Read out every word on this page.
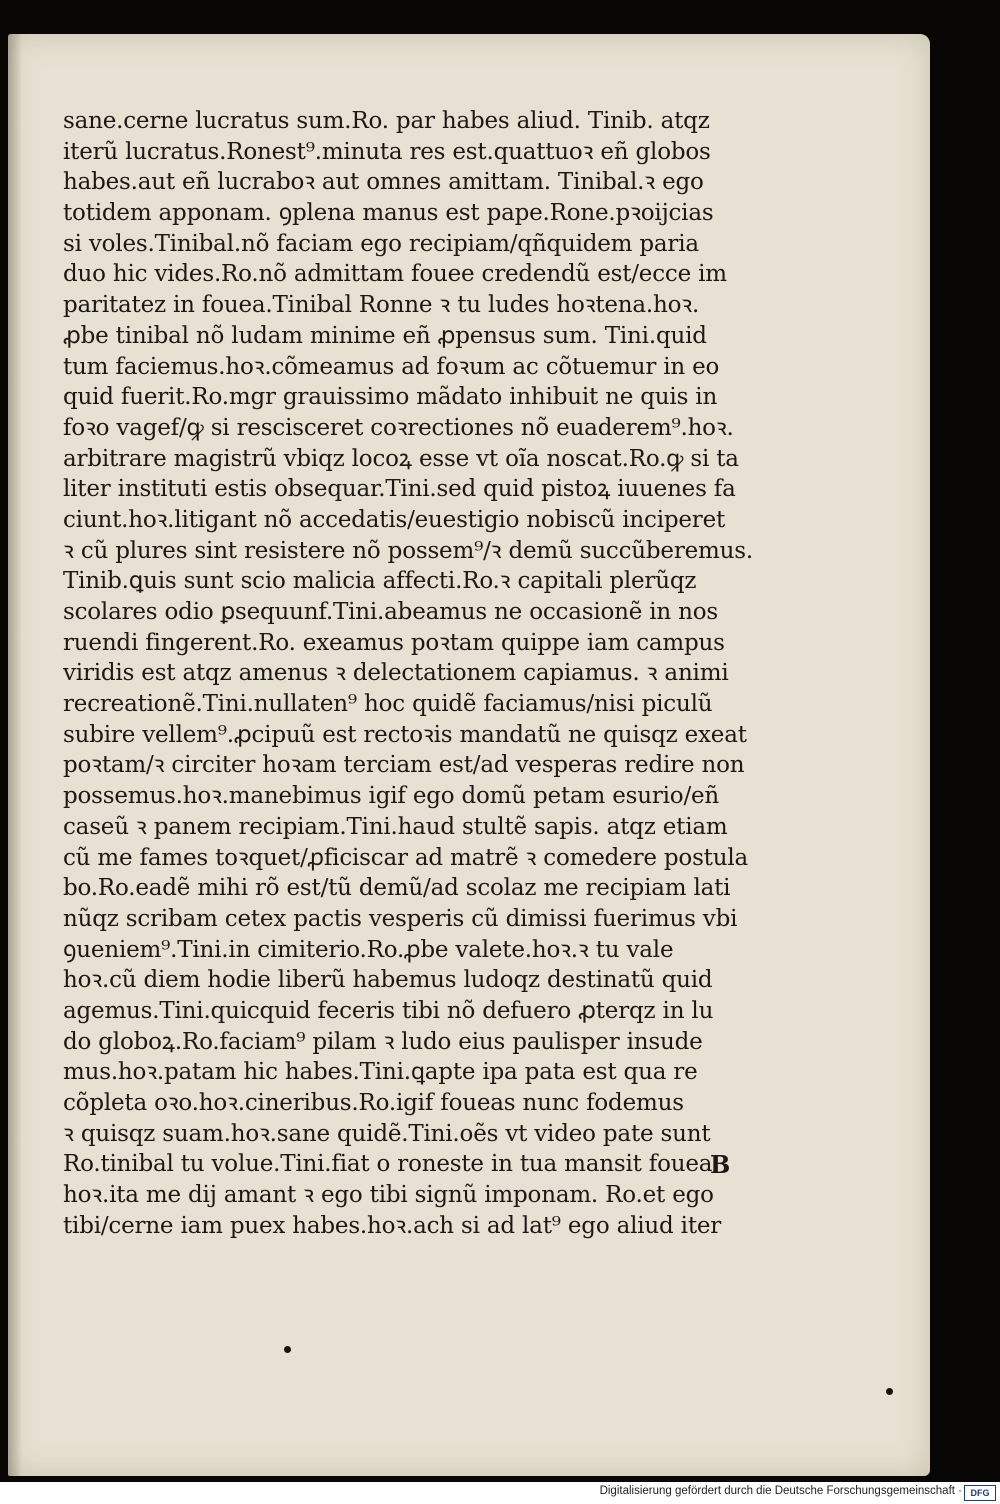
sane.cerne lucratus sum.Ro. par habes aliud. Tinib. atqz
iterũ lucratus.Ronest⁹.minuta res est.quattuoꝛ eñ globos
habes.aut eñ lucraboꝛ aut omnes amittam. Tinibal.ꝛ ego
totidem apponam. ꝯplena manus est pape.Rone.pꝛoijcias
si voles.Tinibal.nõ faciam ego recipiam/qñquidem paria
duo hic vides.Ro.nõ admittam fouee credendũ est/ecce im
paritatez in fouea.Tinibal Ronne ꝛ tu ludes hoꝛtena.hoꝛ.
ꝓbe tinibal nõ ludam minime eñ ꝓpensus sum. Tini.quid
tum faciemus.hoꝛ.cõmeamus ad foꝛum ac cõtuemur in eo
quid fuerit.Ro.mgr grauissimo mãdato inhibuit ne quis in
foꝛo vagef/ꝙ si rescisceret coꝛrectiones nõ euaderem⁹.hoꝛ.
arbitrare magistrũ vbiqz locoꝝ esse vt oĩa noscat.Ro.ꝙ si ta
liter instituti estis obsequar.Tini.sed quid pistoꝝ iuuenes fa
ciunt.hoꝛ.litigant nõ accedatis/euestigio nobiscũ inciperet
ꝛ cũ plures sint resistere nõ possem⁹/ꝛ demũ succũberemus.
Tinib.ꝗuis sunt scio malicia affecti.Ro.ꝛ capitali plerũqz
scolares odio ꝑsequunf.Tini.abeamus ne occasionẽ in nos
ruendi fingerent.Ro. exeamus poꝛtam quippe iam campus
viridis est atqz amenus ꝛ delectationem capiamus. ꝛ animi
recreationẽ.Tini.nullaten⁹ hoc quidẽ faciamus/nisi piculũ
subire vellem⁹.ꝓcipuũ est rectoꝛis mandatũ ne quisqz exeat
poꝛtam/ꝛ circiter hoꝛam terciam est/ad vesperas redire non
possemus.hoꝛ.manebimus igif ego domũ petam esurio/eñ
caseũ ꝛ panem recipiam.Tini.haud stultẽ sapis. atqz etiam
cũ me fames toꝛquet/ꝓficiscar ad matrẽ ꝛ comedere postula
bo.Ro.eadẽ mihi rõ est/tũ demũ/ad scolaz me recipiam lati
nũqz scribam cetex pactis vesperis cũ dimissi fuerimus vbi
ꝯueniem⁹.Tini.in cimiterio.Ro.ꝓbe valete.hoꝛ.ꝛ tu vale
hoꝛ.cũ diem hodie liberũ habemus ludoqz destinatũ quid
agemus.Tini.quicquid feceris tibi nõ defuero ꝓterqz in lu
do globoꝝ.Ro.faciam⁹ pilam ꝛ ludo eius paulisper insude
mus.hoꝛ.patam hic habes.Tini.ꝗapte ipa pata est qua re
cõpleta oꝛo.hoꝛ.cineribus.Ro.igif foueas nunc fodemus
ꝛ quisqz suam.hoꝛ.sane quidẽ.Tini.oẽs vt video pate sunt
Ro.tinibal tu volue.Tini.fiat o roneste in tua mansit fouea
hoꝛ.ita me dij amant ꝛ ego tibi signũ imponam. Ro.et ego
tibi/cerne iam puex habes.hoꝛ.ach si ad lat⁹ ego aliud iter
B
Digitalisierung gefördert durch die Deutsche Forschungsgemeinschaft · DFG
